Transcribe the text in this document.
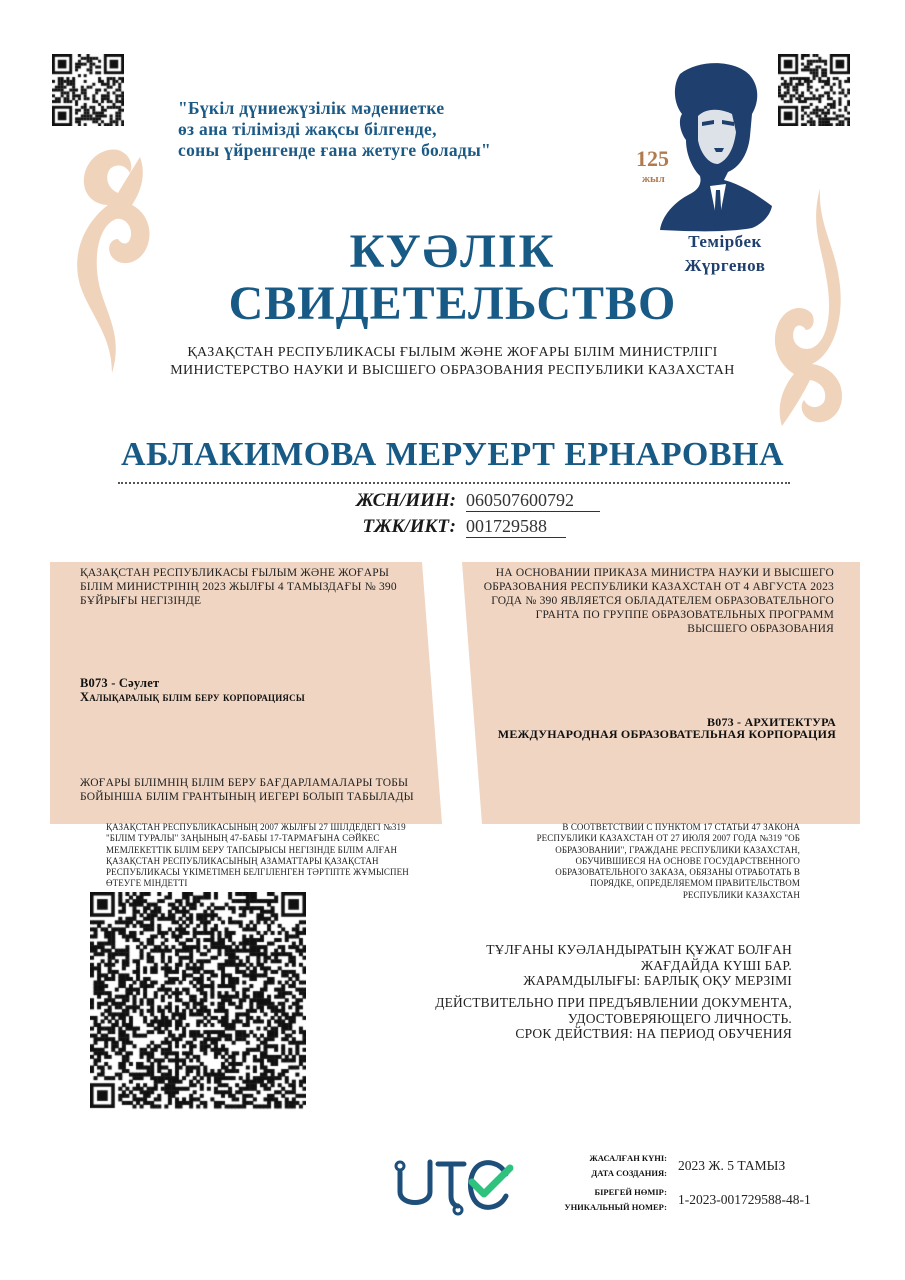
"Бүкіл дүниежүзілік мәдениетке
өз ана тілімізді жақсы білгенде,
соны үйренгенде ғана жетуге болады"	125
жыл
Темірбек
Жүргенов
КУӘЛІК
СВИДЕТЕЛЬСТВО
ҚАЗАҚСТАН РЕСПУБЛИКАСЫ ҒЫЛЫМ ЖӘНЕ ЖОҒАРЫ БІЛІМ МИНИСТРЛІГІ
МИНИСТЕРСТВО НАУКИ И ВЫСШЕГО ОБРАЗОВАНИЯ РЕСПУБЛИКИ КАЗАХСТАН
АБЛАКИМОВА МЕРУЕРТ ЕРНАРОВНА
ЖСН/ИИН: 060507600792
ТЖК/ИКТ: 001729588
ҚАЗАҚСТАН РЕСПУБЛИКАСЫ ҒЫЛЫМ ЖӘНЕ ЖОҒАРЫ
БІЛІМ МИНИСТРІНІҢ 2023 ЖЫЛҒЫ 4 ТАМЫЗДАҒЫ № 390
БҰЙРЫҒЫ НЕГІЗІНДЕ
B073 - Сәулет
Халықаралық білім беру корпорациясы
ЖОҒАРЫ БІЛІМНІҢ БІЛІМ БЕРУ БАҒДАРЛАМАЛАРЫ ТОБЫ
БОЙЫНША БІЛІМ ГРАНТЫНЫҢ ИЕГЕРІ БОЛЫП ТАБЫЛАДЫ
НА ОСНОВАНИИ ПРИКАЗА МИНИСТРА НАУКИ И ВЫСШЕГО
ОБРАЗОВАНИЯ РЕСПУБЛИКИ КАЗАХСТАН ОТ 4 АВГУСТА 2023
ГОДА № 390 ЯВЛЯЕТСЯ ОБЛАДАТЕЛЕМ ОБРАЗОВАТЕЛЬНОГО
ГРАНТА ПО ГРУППЕ ОБРАЗОВАТЕЛЬНЫХ ПРОГРАММ
ВЫСШЕГО ОБРАЗОВАНИЯ
B073 - АРХИТЕКТУРА
МЕЖДУНАРОДНАЯ ОБРАЗОВАТЕЛЬНАЯ КОРПОРАЦИЯ
ҚАЗАҚСТАН РЕСПУБЛИКАСЫНЫҢ 2007 ЖЫЛҒЫ 27 ШІЛДЕДЕГІ №319
"БІЛІМ ТУРАЛЫ" ЗАҢЫНЫҢ 47-БАБЫ 17-ТАРМАҒЫНА СӘЙКЕС
МЕМЛЕКЕТТІК БІЛІМ БЕРУ ТАПСЫРЫСЫ НЕГІЗІНДЕ БІЛІМ АЛҒАН
ҚАЗАҚСТАН РЕСПУБЛИКАСЫНЫҢ АЗАМАТТАРЫ ҚАЗАҚСТАН
РЕСПУБЛИКАСЫ ҮКІМЕТІМЕН БЕЛГІЛЕНГЕН ТӘРТІПТЕ ЖҰМЫСПЕН
ӨТЕУГЕ МІНДЕТТІ
В СООТВЕТСТВИИ С ПУНКТОМ 17 СТАТЬИ 47 ЗАКОНА
РЕСПУБЛИКИ КАЗАХСТАН ОТ 27 ИЮЛЯ 2007 ГОДА №319 "ОБ
ОБРАЗОВАНИИ", ГРАЖДАНЕ РЕСПУБЛИКИ КАЗАХСТАН,
ОБУЧИВШИЕСЯ НА ОСНОВЕ ГОСУДАРСТВЕННОГО
ОБРАЗОВАТЕЛЬНОГО ЗАКАЗА, ОБЯЗАНЫ ОТРАБОТАТЬ В
ПОРЯДКЕ, ОПРЕДЕЛЯЕМОМ ПРАВИТЕЛЬСТВОМ
РЕСПУБЛИКИ КАЗАХСТАН
ТҰЛҒАНЫ КУӘЛАНДЫРАТЫН ҚҰЖАТ БОЛҒАН
ЖАҒДАЙДА КҮШІ БАР.
ЖАРАМДЫЛЫҒЫ: БАРЛЫҚ ОҚУ МЕРЗІМІ
ДЕЙСТВИТЕЛЬНО ПРИ ПРЕДЪЯВЛЕНИИ ДОКУМЕНТА,
УДОСТОВЕРЯЮЩЕГО ЛИЧНОСТЬ.
СРОК ДЕЙСТВИЯ: НА ПЕРИОД ОБУЧЕНИЯ
ЖАСАЛҒАН КҮНІ:
ДАТА СОЗДАНИЯ: 2023 Ж. 5 ТАМЫЗ
БІРЕГЕЙ НӨМІР:
УНИКАЛЬНЫЙ НОМЕР: 1-2023-001729588-48-1
